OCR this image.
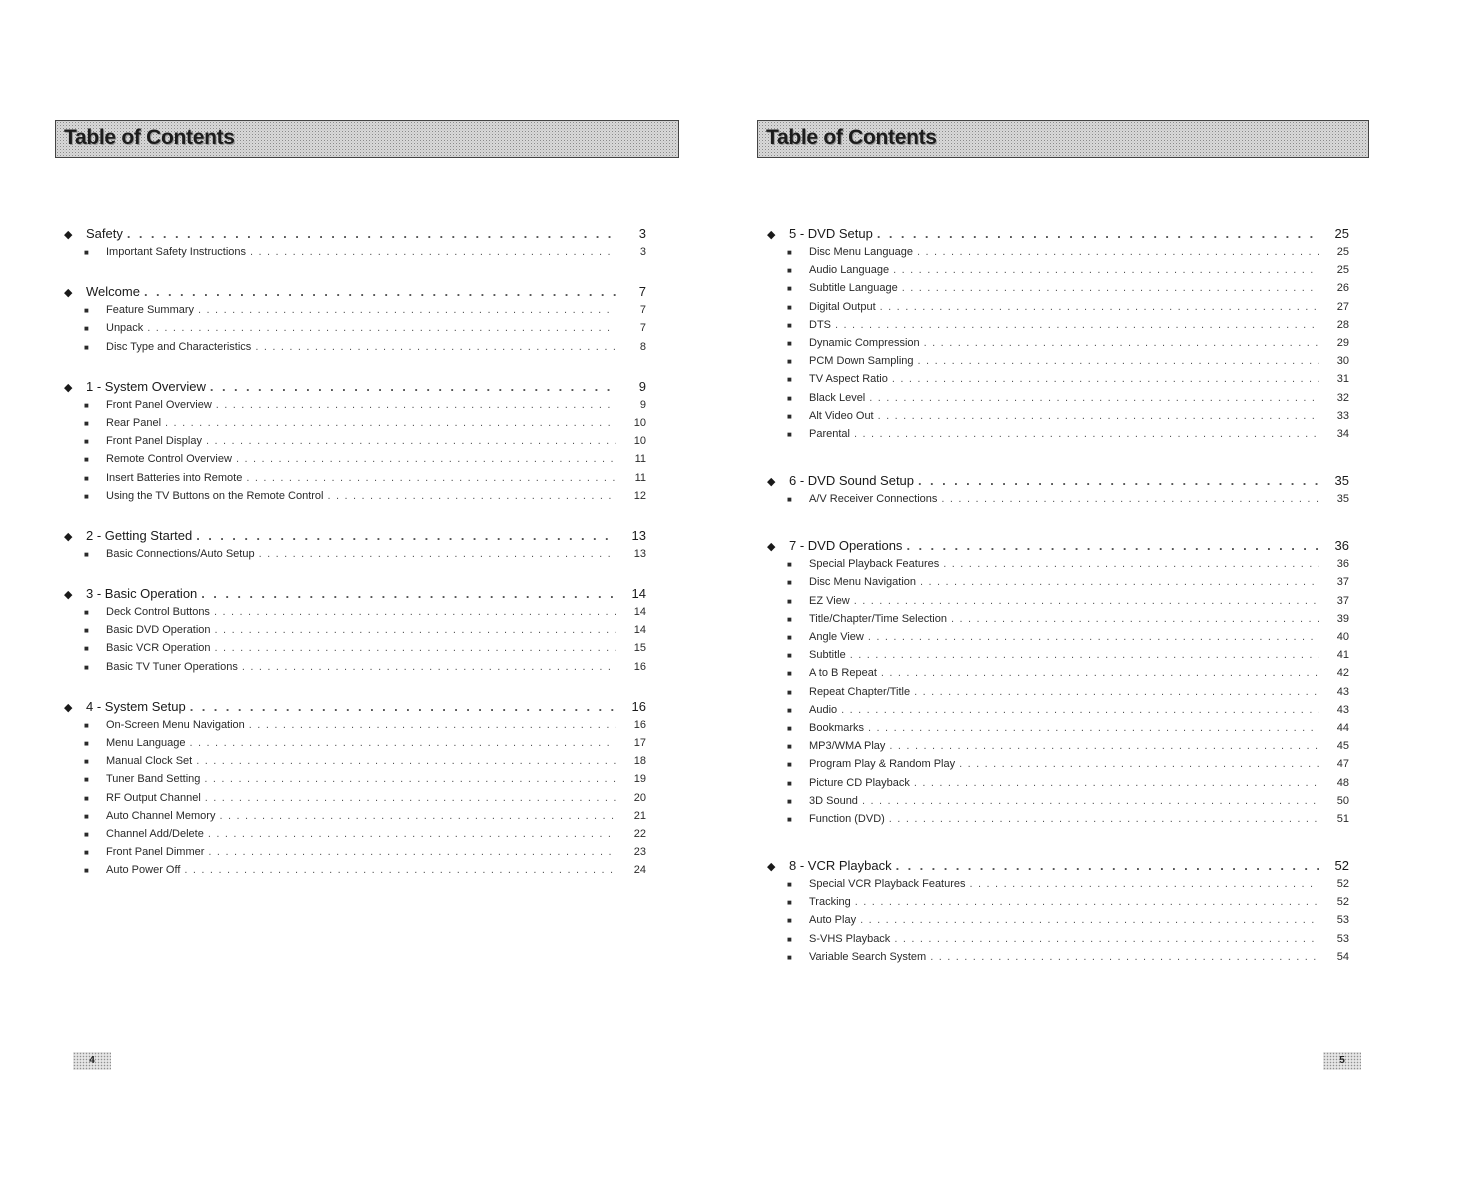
Table of Contents
◆	Safety . . .	3
■	Important Safety Instructions . . .	3
◆	Welcome . . .	7
■	Feature Summary . . .	7
■	Unpack . . .	7
■	Disc Type and Characteristics . . .	8
◆	1 - System Overview . . .	9
■	Front Panel Overview . . .	9
■	Rear Panel . . .	10
■	Front Panel Display . . .	10
■	Remote Control Overview . . .	11
■	Insert Batteries into Remote . . .	11
■	Using the TV Buttons on the Remote Control . . .	12
◆	2 - Getting Started . . .	13
■	Basic Connections/Auto Setup . . .	13
◆	3 - Basic Operation . . .	14
■	Deck Control Buttons . . .	14
■	Basic DVD Operation . . .	14
■	Basic VCR Operation . . .	15
■	Basic TV Tuner Operations . . .	16
◆	4 - System Setup . . .	16
■	On-Screen Menu Navigation . . .	16
■	Menu Language . . .	17
■	Manual Clock Set . . .	18
■	Tuner Band Setting . . .	19
■	RF Output Channel . . .	20
■	Auto Channel Memory . . .	21
■	Channel Add/Delete . . .	22
■	Front Panel Dimmer . . .	23
■	Auto Power Off . . .	24
4
Table of Contents
◆	5 - DVD Setup . . .	25
■	Disc Menu Language . . .	25
■	Audio Language . . .	25
■	Subtitle Language . . .	26
■	Digital Output . . .	27
■	DTS . . .	28
■	Dynamic Compression . . .	29
■	PCM Down Sampling . . .	30
■	TV Aspect Ratio . . .	31
■	Black Level . . .	32
■	Alt Video Out . . .	33
■	Parental . . .	34
◆	6 - DVD Sound Setup . . .	35
■	A/V Receiver Connections . . .	35
◆	7 - DVD Operations . . .	36
■	Special Playback Features . . .	36
■	Disc Menu Navigation . . .	37
■	EZ View . . .	37
■	Title/Chapter/Time Selection . . .	39
■	Angle View . . .	40
■	Subtitle . . .	41
■	A to B Repeat . . .	42
■	Repeat Chapter/Title . . .	43
■	Audio . . .	43
■	Bookmarks . . .	44
■	MP3/WMA Play . . .	45
■	Program Play & Random Play . . .	47
■	Picture CD Playback . . .	48
■	3D Sound . . .	50
■	Function (DVD) . . .	51
◆	8 - VCR Playback . . .	52
■	Special VCR Playback Features . . .	52
■	Tracking . . .	52
■	Auto Play . . .	53
■	S-VHS Playback . . .	53
■	Variable Search System . . .	54
5
